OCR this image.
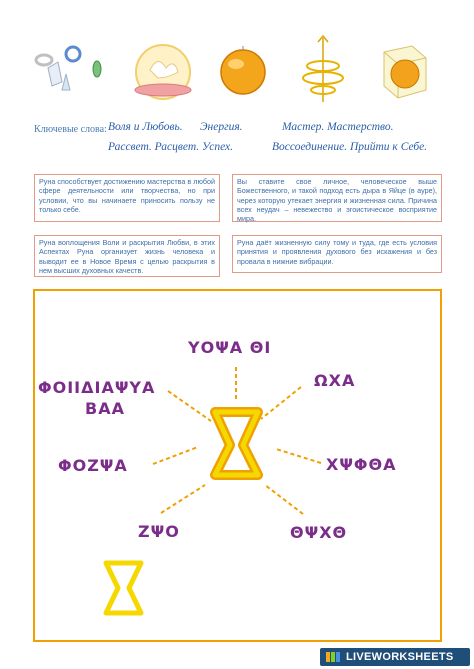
Ключевые слова: Воля и Любовь. Энергия.	Мастер. Мастерство.
Рассвет. Расцвет. Успех.	Воссоединение. Прийти к Себе.
Руна способствует достижению мастерства в любой сфере деятельности или творчества, но при условии, что вы начинаете приносить пользу не только себе.
Вы ставите свое личное, человеческое выше Божественного, и такой подход есть дыра в Яйце (в ауре), через которую утекает энергия и жизненная сила. Причина всех неудач – невежество и эгоистическое восприятие мира.
Руна воплощения Воли и раскрытия Любви, в этих Аспектах Руна организует жизнь человека и выводит ее в Новое Время с целью раскрытия в нем высших духовных качеств.
Руна даёт жизненную силу тому и туда, где есть условия принятия и проявления духового без искажения и без провала в нижние вибрации.
ΥΟΨΑ ΘΙ
ΦΟΙΙΔΙΑΨΥΑ
ΒΑΑ
ΩΧΑ
ΦΟΖΨΑ	ΧΨΦΘΑ
ΖΨΟ	ΘΨΧΘ
LIVEWORKSHEETS
